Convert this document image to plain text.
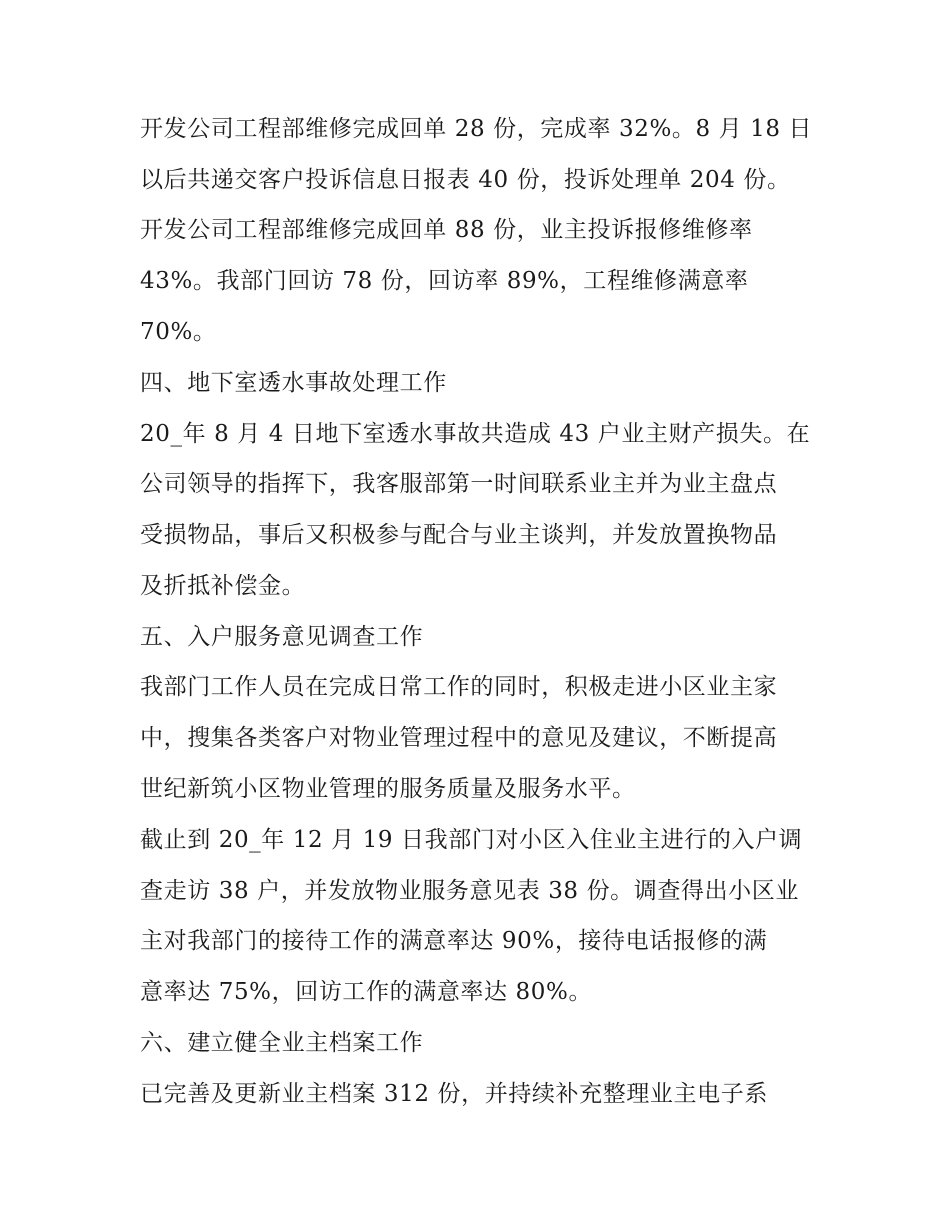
开发公司工程部维修完成回单 28 份，完成率 32%。8 月 18 日
以后共递交客户投诉信息日报表 40 份，投诉处理单 204 份。
开发公司工程部维修完成回单 88 份，业主投诉报修维修率
43%。我部门回访 78 份，回访率 89%，工程维修满意率
70%。
四、地下室透水事故处理工作
20_年 8 月 4 日地下室透水事故共造成 43 户业主财产损失。在
公司领导的指挥下，我客服部第一时间联系业主并为业主盘点
受损物品，事后又积极参与配合与业主谈判，并发放置换物品
及折抵补偿金。
五、入户服务意见调查工作
我部门工作人员在完成日常工作的同时，积极走进小区业主家
中，搜集各类客户对物业管理过程中的意见及建议，不断提高
世纪新筑小区物业管理的服务质量及服务水平。
截止到 20_年 12 月 19 日我部门对小区入住业主进行的入户调
查走访 38 户，并发放物业服务意见表 38 份。调查得出小区业
主对我部门的接待工作的满意率达 90%，接待电话报修的满
意率达 75%，回访工作的满意率达 80%。
六、建立健全业主档案工作
已完善及更新业主档案 312 份，并持续补充整理业主电子系
